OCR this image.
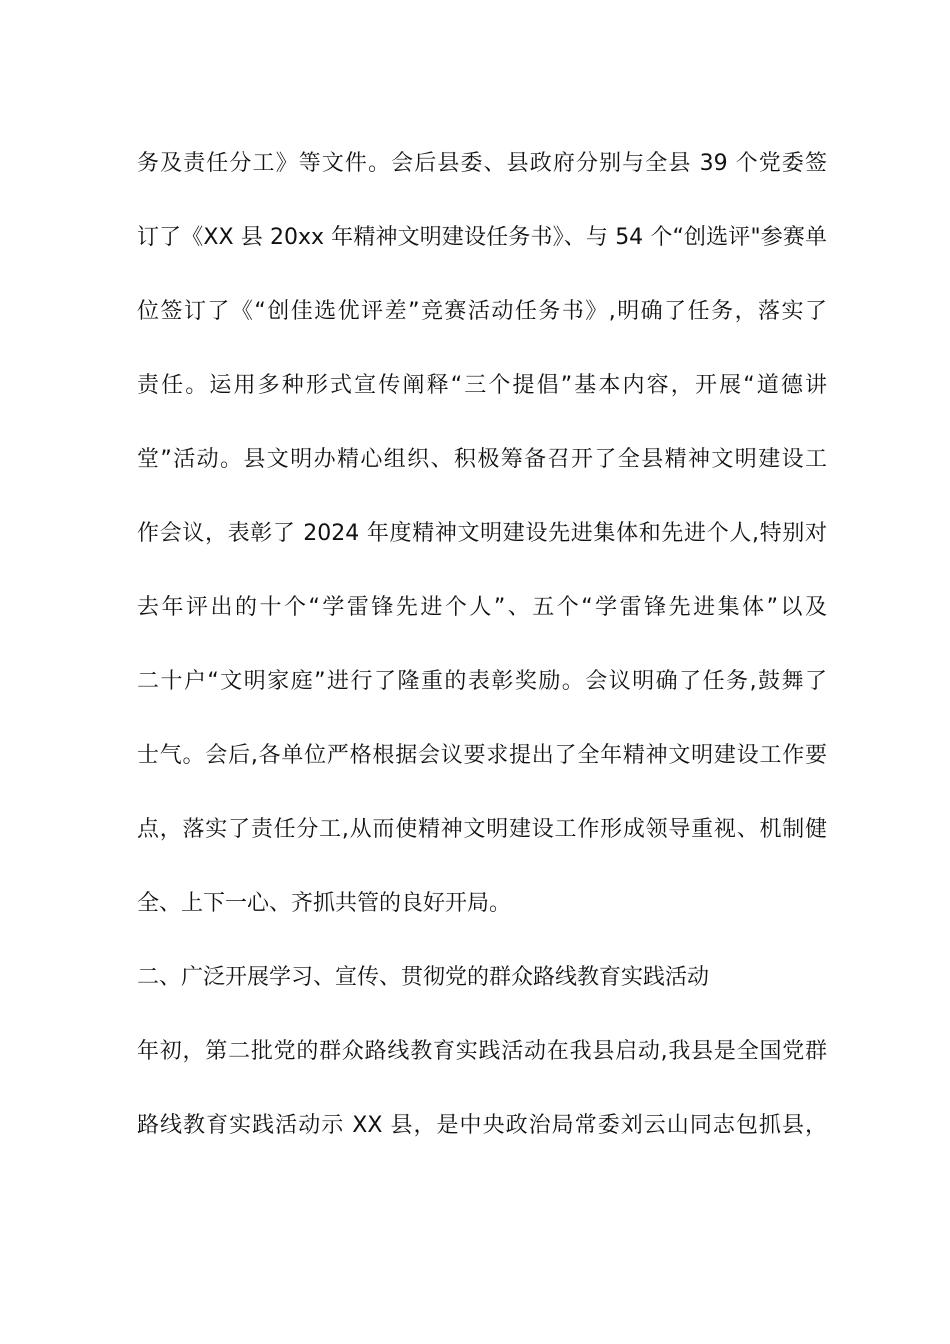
务及责任分工》等文件。会后县委、县政府分别与全县 39 个党委签
订了《XX 县 20xx 年精神文明建设任务书》、与 54 个“创选评"参赛单
位签订了《“创佳选优评差”竞赛活动任务书》,明确了任务，落实了
责任。运用多种形式宣传阐释“三个提倡”基本内容，开展“道德讲
堂”活动。县文明办精心组织、积极筹备召开了全县精神文明建设工
作会议，表彰了 2024 年度精神文明建设先进集体和先进个人,特别对
去年评出的十个“学雷锋先进个人”、五个“学雷锋先进集体”以及
二十户“文明家庭”进行了隆重的表彰奖励。会议明确了任务,鼓舞了
士气。会后,各单位严格根据会议要求提出了全年精神文明建设工作要
点，落实了责任分工,从而使精神文明建设工作形成领导重视、机制健
全、上下一心、齐抓共管的良好开局。
二、广泛开展学习、宣传、贯彻党的群众路线教育实践活动
年初，第二批党的群众路线教育实践活动在我县启动,我县是全国党群
路线教育实践活动示 XX 县，是中央政治局常委刘云山同志包抓县，
